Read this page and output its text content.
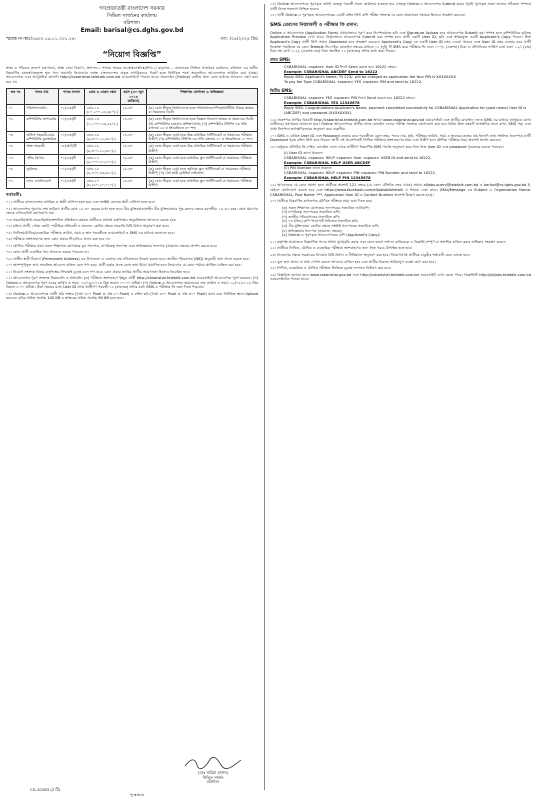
গণপ্রজাতন্ত্রী বাংলাদেশ সরকার
সিভিল সার্জনের কার্যালয়
বরিশাল।
Email: barisal@cs.dghs.gov.bd
স্মারক নং-স্বাঃ/০৬০০.১৬.১১.০০১.২৪-	তাং: /০৪/২০২৪ খ্রিঃ
“নিয়োগ বিজ্ঞপ্তি”
স্বাস্থ্য ও পরিবার কল্যাণ মন্ত্রণালয়, স্বাস্থ্য সেবা বিভাগ, প্রশাসন-১ শাখার স্মারক নং-স্বাঃসেঃবিঃ/প্রশা-১/ ছাড়পত্র... মোতাবেক সিভিল সার্জনের কার্যালয়, বরিশাল এর অধীন নিম্নবর্ণিত রাজস্বখাতভুক্ত শূন্য পদে সরাসরি নিয়োগের লক্ষ্যে বাংলাদেশের প্রকৃত নাগরিকদের নিকট হতে নির্ধারিত শর্তে অনলাইনে আবেদনপত্র আহ্বান করা যাচ্ছে। আবেদনপত্র এবং আনুষঙ্গিক তথ্যাদি http://csbarishal.teletalk.com.bd ওয়েবসাইটে পাওয়া যাবে। অনলাইন (Online) ব্যতীত অন্য কোন মাধ্যমে আবেদন গ্রহণ করা হবে না।
ক্রঃ নং	পদের নাম	পদের সংখ্যা	গ্রেড ও বেতন স্কেল	বয়স (৩০ জুন ২০২৪ তারিখে)	শিক্ষাগত যোগ্যতা ও অভিজ্ঞতা
০১	পরিসংখ্যানবিদ	০১(এক)টি	গ্রেড-১৪ (১০,২০০-২৪,৬৮০/-)	১৮-৩০	(ক) কোন স্বীকৃত বিশ্ববিদ্যালয় হতে পরিসংখ্যান/গণিত/অর্থনীতি বিষয়ে স্নাতক বা সমমানের ডিগ্রী;
০২	কম্পিউটার অপারেটর	০১(এক)টি	গ্রেড-১৩ (১১,০০০-২৬,৫৯০/-)	১৮-৩০	(ক) কোন স্বীকৃত বিশ্ববিদ্যালয় হতে বিজ্ঞান বিভাগে স্নাতক বা সমমানের ডিগ্রী; (খ) কম্পিউটার চালনায় প্রশিক্ষণপ্রাপ্ত; (গ) কম্পিউটার টাইপিং এর গতি বাংলায় ২৫ ও ইংরেজিতে ৩০ শব্দ;
০৩	অফিস সহকারী-কাম-কম্পিউটার মুদ্রাক্ষরিক	০১(এক)টি	গ্রেড-১৬ (৯,৩০০-২২,৪৯০/-)	১৮-৩০	(ক) কোন স্বীকৃত বোর্ড হতে উচ্চ মাধ্যমিক সার্টিফিকেট বা সমমানের পরীক্ষায় উত্তীর্ণ; (খ) কম্পিউটার টাইপিং এর গতি বাংলায় ২০ ও ইংরেজিতে ২০ শব্দ;
০৪	স্বাস্থ্য সহকারী	০৮(আট)টি	গ্রেড-১৬ (৯,৩০০-২২,৪৯০/-)	১৮-৩০	(ক) কোন স্বীকৃত বোর্ড হতে উচ্চ মাধ্যমিক সার্টিফিকেট বা সমমানের পরীক্ষায় উত্তীর্ণ;
০৫	স্টোর কিপার	০১(এক)টি	গ্রেড-১৭ (৯,০০০-২১,৮০০/-)	১৮-৩০	(ক) কোন স্বীকৃত বোর্ড হতে মাধ্যমিক স্কুল সার্টিফিকেট বা সমমানের পরীক্ষায় উত্তীর্ণ;
০৬	ড্রাইভার	০১(এক)টি	গ্রেড-১৫ (৯,৭০০-২৩,৪৯০/-)	১৮-৩০	(ক) কোন স্বীকৃত বোর্ড হতে জুনিয়র স্কুল সার্টিফিকেট বা সমমানের পরীক্ষায় উত্তীর্ণ; (খ) বৈধ ভারী ড্রাইভিং লাইসেন্স;
০৭	ল্যাব এ্যাটেনডেন্ট	০১(এক)টি	গ্রেড-২০ (৮,২৫০-২০,০১০/-)	১৮-৩০	(ক) কোন স্বীকৃত বোর্ড হতে মাধ্যমিক স্কুল সার্টিফিকেট বা সমমানের পরীক্ষায় উত্তীর্ণ;
শর্তাবলীঃ
০১। প্রার্থীকে বাংলাদেশের নাগরিক ও স্থায়ী বাসিন্দা হতে হবে এবং সংশ্লিষ্ট জেলার স্থায়ী বাসিন্দা হতে হবে।
০২। আবেদনপত্র পূরণের শেষ তারিখে প্রার্থীর বয়স ১৮-৩০ বছরের মধ্যে হতে হবে। বীর মুক্তিযোদ্ধা/শহীদ বীর মুক্তিযোদ্ধার পুত্র-কন্যার ক্ষেত্রে বয়সসীমা ১৮-৩২ বছর। বয়স প্রমাণের ক্ষেত্রে এফিডেভিট গ্রহণযোগ্য নয়।
০৩। সরকারি/আধা-সরকারি/স্বায়ত্তশাসিত প্রতিষ্ঠানে কর্মরত প্রার্থীদের যথাযথ কর্তৃপক্ষের অনুমতিক্রমে আবেদন করতে হবে।
০৪। মহিলা প্রার্থী, পোষ্য কোটা, শারীরিক প্রতিবন্ধী ও অন্যান্য কোটার ক্ষেত্রে সরকারি বিধি-বিধান অনুসরণ করা হবে।
০৫। লিখিত/মৌখিক/ব্যবহারিক পরীক্ষার তারিখ, সময় ও স্থান পরবর্তীতে ওয়েবসাইটে ও SMS এর মাধ্যমে জানানো হবে।
০৬। পরীক্ষায় অংশগ্রহণের জন্য কোন প্রকার টিএ/ডিএ প্রদান করা হবে না।
০৭। মৌখিক পরীক্ষার সময় সকল শিক্ষাগত যোগ্যতার মূল সনদপত্র, নাগরিকত্ব সনদপত্র এবং অভিজ্ঞতার সনদপত্র (প্রযোজ্য ক্ষেত্রে) প্রদর্শন করতে হবে।
০৮। কোন প্রার্থী একাধিক পদে আবেদন করতে পারবেন না।
০৯। প্রার্থীর স্থায়ী ঠিকানা (Permanent Address) এর উপজেলা ও জেলার নাম সঠিকভাবে উল্লেখ করতে হবে। জাতীয় পরিচয়পত্র (NID) অনুযায়ী তথ্য প্রদান করতে হবে।
১০। অসম্পূর্ণ/ভুল তথ্য সংবলিত আবেদন বাতিল বলে গণ্য হবে। প্রার্থী কর্তৃক প্রদত্ত কোন তথ্য মিথ্যা প্রমাণিত হলে নিয়োগের যে কোন পর্যায়ে প্রার্থিতা বাতিল করা হবে।
১১। নিয়োগ সংক্রান্ত বিষয়ে কর্তৃপক্ষের সিদ্ধান্তই চূড়ান্ত বলে গণ্য হবে। কোন প্রকার তদবির প্রার্থীর অযোগ্যতা হিসেবে বিবেচিত হবে।
১২। আবেদনপত্র পূরণ সংক্রান্ত নিয়মাবলি ও শর্তাবলি: (ক) পরীক্ষায় অংশগ্রহণে ইচ্ছুক প্রার্থী http://csbarishal.teletalk.com.bd ওয়েবসাইটে আবেদনপত্র পূরণ করবেন। (খ) Online-এ আবেদনপত্র পূরণ শুরুর তারিখ ও সময়: ১৮/০৪/২০২৪ খ্রিঃ সকাল ১০.০০ ঘটিকা। (গ) Online-এ আবেদনপত্র জমাদানের শেষ তারিখ ও সময়: ১৯/০৫/২০২৪ খ্রিঃ বিকাল ৫.০০ ঘটিকা। উক্ত সময়ের মধ্যে User ID প্রাপ্ত প্রার্থীগণ পরবর্তী ৭২ (বাহাত্তর) ঘন্টার মধ্যে SMS-এ পরীক্ষার ফি জমা দিতে পারবেন।
১৩। Online-এ আবেদনপত্রে প্রার্থী তাঁর স্বাক্ষর (দৈর্ঘ্য ৩০০ Pixel × প্রস্থ ৮০ Pixel) ও রঙ্গিন ছবি (দৈর্ঘ্য ৩০০ Pixel × প্রস্থ ৩০০ Pixel) স্ক্যান করে নির্ধারিত স্থানে Upload করবেন। ছবির সাইজ সর্বোচ্চ 100 KB ও স্বাক্ষরের সাইজ সর্বোচ্চ 60 KB হতে হবে।
১৪। Online আবেদনপত্রে পূরণকৃত তথ্যই যেহেতু পরবর্তী সকল কার্যক্রমে ব্যবহৃত হবে সেহেতু Online-এ আবেদনপত্র Submit করার পূর্বেই পূরণকৃত সকল তথ্যের সঠিকতা সম্পর্কে প্রার্থী নিজে শতভাগ নিশ্চিত হবেন।
১৫। প্রার্থী Online-এ পূরণকৃত আবেদনপত্রের একটি রঙ্গিন প্রিন্ট কপি পরীক্ষা সংক্রান্ত যে কোন প্রয়োজনে সহায়ক হিসেবে সংরক্ষণ করবেন।
SMS প্রেরণের নিয়মাবলী ও পরীক্ষার ফি প্রদান:
Online-এ আবেদনপত্র (Application Form) যথাযথভাবে পূরণ করে নির্দেশনামতে ছবি এবং Signature Upload করে আবেদনপত্র Submit করা সম্পন্ন হলে কম্পিউটারে ছবিসহ Application Preview দেখা যাবে। নির্ভুলভাবে আবেদনপত্র Submit করা সম্পন্ন হলে প্রার্থী একটি User ID, ছবি এবং স্বাক্ষরযুক্ত একটি Applicant's Copy পাবেন। উক্ত Applicant's Copy প্রার্থী প্রিন্ট অথবা Download করে সংরক্ষণ করবেন। Applicant's Copy তে একটি User ID নম্বর দেওয়া থাকবে এবং User ID নম্বর ব্যবহার করে প্রার্থী নিম্নোক্ত পদ্ধতিতে যে কোন Teletalk প্রি-পেইড মোবাইল নম্বরের মাধ্যমে ০২ (দুই) টি SMS করে পরীক্ষার ফি বাবদ ১০০/- (একশত) টাকা ও টেলিটকের সার্ভিস চার্জ বাবদ ১২/- (বার) টাকা সহ মোট ১১২/- (একশত বার) টাকা অনধিক ৭২ (বাহাত্তর) ঘন্টার মধ্যে জমা দিবেন।
প্রথম SMS:
CSBARISHAL <space> User ID লিখে Send করতে হবে 16222 নম্বরে।
Example: CSBARISHAL ABCDEF Send to 16222
Reply SMS: Applicant's Name, Tk 223/- will be charged as application fee Your PIN is XXXXXXXX
To pay fee Type CSBARISHAL <space> YES <space> PIN and send to 16222.
দ্বিতীয় SMS:
CSBARISHAL <space> YES <space> PIN লিখে Send করতে হবে 16222 নম্বরে।
Example: CSBARISHAL YES 12345678
Reply SMS: Congratulations Applicant's Name, payment completed successfully for CSBARISHAL Application for (post name) User ID is (ABCDEF) and password (XXXXXXXX).
১৬। প্রবেশপত্র প্রাপ্তির বিষয়টি http://csbarishal.teletalk.com.bd অথবা www.csbarishal.gov.bd ওয়েবসাইটে এবং প্রার্থীর মোবাইল ফোনে SMS এর মাধ্যমে (শুধুমাত্র যোগ্য প্রার্থীদের) যথাসময়ে জানানো হবে। Online আবেদনপত্রে প্রার্থীর প্রদত্ত মোবাইল ফোনে পরীক্ষা সংক্রান্ত যোগাযোগ করা হবে বিধায় উক্ত নম্বরটি সার্বক্ষণিক সচল রাখা, SMS পড়া এবং প্রাপ্ত নির্দেশনা তাৎক্ষণিকভাবে অনুসরণ করা বাঞ্ছনীয়।
১৭। SMS এ প্রেরিত User ID এবং Password ব্যবহার করে পরবর্তীতে রোল নম্বর, পদের নাম, ছবি, পরীক্ষার তারিখ, সময় ও স্থানের/কেন্দ্রের নাম ইত্যাদি তথ্য সম্বলিত প্রবেশপত্র প্রার্থী Download পূর্বক রঙ্গিন প্রিন্ট করে নিবেন। প্রার্থী এই প্রবেশপত্রটি লিখিত পরীক্ষায় অংশগ্রহণের সময় এবং উত্তীর্ণ হলে মৌখিক পরীক্ষার সময় অবশ্যই প্রদর্শন করবেন।
১৮। শুধুমাত্র টেলিটক প্রি-পেইড মোবাইল ফোন থেকে প্রার্থীগণ নিম্নবর্ণিত SMS পদ্ধতি অনুসরণ করে নিজ নিজ User ID এবং password পুনরুদ্ধার করতে পারবেন।
(i) User ID জানা থাকলে:
CSBARISHAL <space> HELP <space> User <space> USER ID and send to 16222.
Example: CSBARISHAL HELP USER ABCDEF
(ii) PIN Number জানা থাকলে:
CSBARISHAL <space> HELP <space> PIN <space> PIN Number and send to 16222.
Example: CSBARISHAL HELP PIN 12345678
১৯। আবেদনের যে কোন সমস্যা হলে প্রার্থীকে অবশ্যই 121 নম্বরে (যে কোন টেলিটক নম্বর থেকে) অথবা alljobs.query@teletalk.com.bd ও barisal@cs.dghs.gov.bd ই-মেইলে যোগাযোগ করতে হবে এবং https://www.facebook.com/alljobsbdteletalk এ সাহায্য নেয়া যাবে। (Mail/Message এর Subject এ Organization Name: CSBARISHAL, Post Name: ***, Application User ID ও Contact Number অবশ্যই উল্লেখ করতে হবে)।
২০। প্রার্থীকে নিম্নবর্ণিত কাগজপত্র মৌখিক পরীক্ষার সময় জমা দিতে হবে:
(ক) সকল শিক্ষাগত যোগ্যতার সনদপত্রের সত্যায়িত ফটোকপি;
(খ) নাগরিকত্ব সনদপত্রের সত্যায়িত কপি;
(গ) জাতীয় পরিচয়পত্রের সত্যায়িত কপি;
(ঘ) ০৩ (তিন) কপি পাসপোর্ট সাইজের সত্যায়িত ছবি;
(ঙ) বীর মুক্তিযোদ্ধা কোটার ক্ষেত্রে সংশ্লিষ্ট সনদপত্রের সত্যায়িত কপি;
(চ) অভিজ্ঞতার সনদপত্র (প্রযোজ্য ক্ষেত্রে);
(ছ) Online-এ পূরণকৃত আবেদনপত্রের কপি (Applicant's Copy)।
২১। কর্তৃপক্ষ প্রয়োজনে বিজ্ঞাপিত পদের সংখ্যা হ্রাস/বৃদ্ধি করার এবং কোন কারণ দর্শানো ব্যতিরেকে এ বিজ্ঞপ্তি সম্পূর্ণ বা আংশিক বাতিল করার অধিকার সংরক্ষণ করেন।
২২। প্রার্থীকে লিখিত, মৌখিক ও ব্যবহারিক পরীক্ষায় অংশগ্রহণের জন্য নিজ খরচে উপস্থিত হতে হবে।
২৩। নিয়োগের ক্ষেত্রে সরকারের বিদ্যমান বিধি-বিধান ও নীতিমালা অনুসরণ করা হবে। নিয়োগপ্রাপ্ত প্রার্থীকে চাকুরীর শর্তাবলী মেনে চলতে হবে।
২৪। ভুল তথ্য প্রদান বা তথ্য গোপন করলে আবেদন বাতিল হবে এবং প্রার্থীর বিরুদ্ধে আইনানুগ ব্যবস্থা গ্রহণ করা হবে।
২৫। লিখিত, ব্যবহারিক ও মৌখিক পরীক্ষার ভিত্তিতে চূড়ান্ত ফলাফল নির্ধারণ করা হবে।
২৬। বিস্তারিত তথ্যের জন্য www.csbarishal.gov.bd এবং http://csbarishal.teletalk.com.bd ওয়েবসাইট দেখা যেতে পারে। বিজ্ঞপ্তিটি http://alljobs.teletalk.com.bd ওয়েবসাইটেও পাওয়া যাবে।
(ডাঃ মারিয়া হাসান)
সিভিল সার্জন
বরিশাল।
CG-10183 (2 টি)
পুনঃপ্রচার
